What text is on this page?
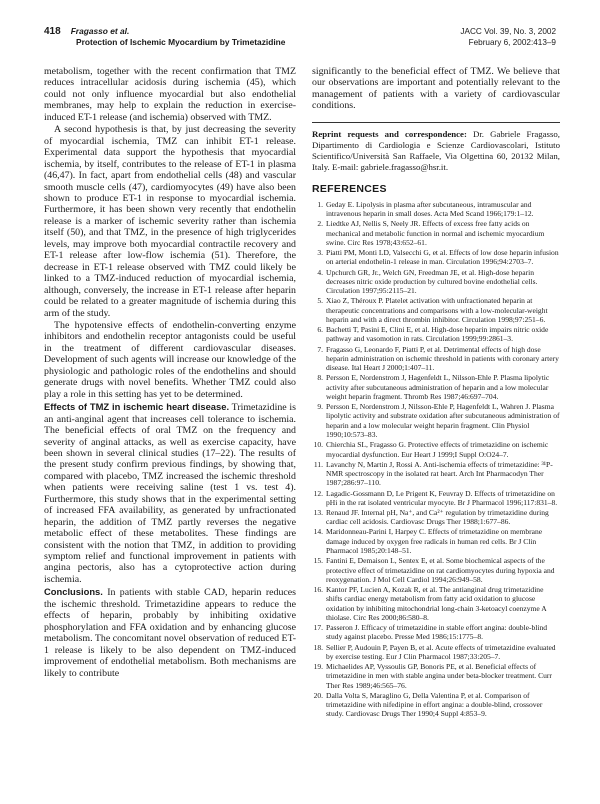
418 Fragasso et al.
Protection of Ischemic Myocardium by Trimetazidine
JACC Vol. 39, No. 3, 2002
February 6, 2002:413–9

metabolism, together with the recent confirmation that TMZ reduces intracellular acidosis during ischemia (45), which could not only influence myocardial but also endothelial membranes, may help to explain the reduction in exercise-induced ET-1 release (and ischemia) observed with TMZ.

A second hypothesis is that, by just decreasing the severity of myocardial ischemia, TMZ can inhibit ET-1 release. Experimental data support the hypothesis that myocardial ischemia, by itself, contributes to the release of ET-1 in plasma (46,47). In fact, apart from endothelial cells (48) and vascular smooth muscle cells (47), cardiomyocytes (49) have also been shown to produce ET-1 in response to myocardial ischemia. Furthermore, it has been shown very recently that endothelin release is a marker of ischemic severity rather than ischemia itself (50), and that TMZ, in the presence of high triglycerides levels, may improve both myocardial contractile recovery and ET-1 release after low-flow ischemia (51). Therefore, the decrease in ET-1 release observed with TMZ could likely be linked to a TMZ-induced reduction of myocardial ischemia, although, conversely, the increase in ET-1 release after heparin could be related to a greater magnitude of ischemia during this arm of the study.

The hypotensive effects of endothelin-converting enzyme inhibitors and endothelin receptor antagonists could be useful in the treatment of different cardiovascular diseases. Development of such agents will increase our knowledge of the physiologic and pathologic roles of the endothelins and should generate drugs with novel benefits. Whether TMZ could also play a role in this setting has yet to be determined.

Effects of TMZ in ischemic heart disease. Trimetazidine is an anti-anginal agent that increases cell tolerance to ischemia. The beneficial effects of oral TMZ on the frequency and severity of anginal attacks, as well as exercise capacity, have been shown in several clinical studies (17–22). The results of the present study confirm previous findings, by showing that, compared with placebo, TMZ increased the ischemic threshold when patients were receiving saline (test 1 vs. test 4). Furthermore, this study shows that in the experimental setting of increased FFA availability, as generated by unfractionated heparin, the addition of TMZ partly reverses the negative metabolic effect of these metabolites. These findings are consistent with the notion that TMZ, in addition to providing symptom relief and functional improvement in patients with angina pectoris, also has a cytoprotective action during ischemia.

Conclusions. In patients with stable CAD, heparin reduces the ischemic threshold. Trimetazidine appears to reduce the effects of heparin, probably by inhibiting oxidative phosphorylation and FFA oxidation and by enhancing glucose metabolism. The concomitant novel observation of reduced ET-1 release is likely to be also dependent on TMZ-induced improvement of endothelial metabolism. Both mechanisms are likely to contribute

significantly to the beneficial effect of TMZ. We believe that our observations are important and potentially relevant to the management of patients with a variety of cardiovascular conditions.

Reprint requests and correspondence: Dr. Gabriele Fragasso, Dipartimento di Cardiologia e Scienze Cardiovascolari, Istituto Scientifico/Università San Raffaele, Via Olgettina 60, 20132 Milan, Italy. E-mail: gabriele.fragasso@hsr.it.
REFERENCES
1. Geday E. Lipolysis in plasma after subcutaneous, intramuscular and intravenous heparin in small doses. Acta Med Scand 1966;179:1–12.
2. Liedtke AJ, Nellis S, Neely JR. Effects of excess free fatty acids on mechanical and metabolic function in normal and ischemic myocardium swine. Circ Res 1978;43:652–61.
3. Piatti PM, Monti LD, Valsecchi G, et al. Effects of low dose heparin infusion on arterial endothelin-1 release in man. Circulation 1996;94:2703–7.
4. Upchurch GR, Jr., Welch GN, Freedman JE, et al. High-dose heparin decreases nitric oxide production by cultured bovine endothelial cells. Circulation 1997;95:2115–21.
5. Xiao Z, Théroux P. Platelet activation with unfractionated heparin at therapeutic concentrations and comparisons with a low-molecular-weight heparin and with a direct thrombin inhibitor. Circulation 1998;97:251–6.
6. Bachetti T, Pasini E, Clini E, et al. High-dose heparin impairs nitric oxide pathway and vasomotion in rats. Circulation 1999;99:2861–3.
7. Fragasso G, Leonardo F, Piatti P, et al. Detrimental effects of high dose heparin administration on ischemic threshold in patients with coronary artery disease. Ital Heart J 2000;1:407–11.
8. Persson E, Nordenstrom J, Hagenfeldt L, Nilsson-Ehle P. Plasma lipolytic activity after subcutaneous administration of heparin and a low molecular weight heparin fragment. Thromb Res 1987;46:697–704.
9. Persson E, Nordenstrom J, Nilsson-Ehle P, Hagenfeldt L, Wahren J. Plasma lipolytic activity and substrate oxidation after subcutaneous administration of heparin and a low molecular weight heparin fragment. Clin Physiol 1990;10:573–83.
10. Chierchia SL, Fragasso G. Protective effects of trimetazidine on ischemic myocardial dysfunction. Eur Heart J 1999;I Suppl O:O24–7.
11. Lavanchy N, Martin J, Rossi A. Anti-ischemia effects of trimetazidine: ³¹P-NMR spectroscopy in the isolated rat heart. Arch Int Pharmacodyn Ther 1987;286:97–110.
12. Lagadic-Gossmann D, Le Prigent K, Feuvray D. Effects of trimetazidine on pHi in the rat isolated ventricular myocyte. Br J Pharmacol 1996;117:831–8.
13. Renaud JF. Internal pH, Na⁺, and Ca²⁺ regulation by trimetazidine during cardiac cell acidosis. Cardiovasc Drugs Ther 1988;1:677–86.
14. Maridonneau-Parini I, Harpey C. Effects of trimetazidine on membrane damage induced by oxygen free radicals in human red cells. Br J Clin Pharmacol 1985;20:148–51.
15. Fantini E, Demaison L, Sentex E, et al. Some biochemical aspects of the protective effect of trimetazidine on rat cardiomyocytes during hypoxia and reoxygenation. J Mol Cell Cardiol 1994;26:949–58.
16. Kantor PF, Lucien A, Kozak R, et al. The antianginal drug trimetazidine shifts cardiac energy metabolism from fatty acid oxidation to glucose oxidation by inhibiting mitochondrial long-chain 3-ketoacyl coenzyme A thiolase. Circ Res 2000;86:580–8.
17. Passeron J. Efficacy of trimetazidine in stable effort angina: double-blind study against placebo. Presse Med 1986;15:1775–8.
18. Sellier P, Audouin P, Payen B, et al. Acute effects of trimetazidine evaluated by exercise testing. Eur J Clin Pharmacol 1987;33:205–7.
19. Michaelides AP, Vyssoulis GP, Bonoris PE, et al. Beneficial effects of trimetazidine in men with stable angina under beta-blocker treatment. Curr Ther Res 1989;46:565–76.
20. Dalla Volta S, Maraglino G, Della Valentina P, et al. Comparison of trimetazidine with nifedipine in effort angina: a double-blind, crossover study. Cardiovasc Drugs Ther 1990;4 Suppl 4:853–9.
